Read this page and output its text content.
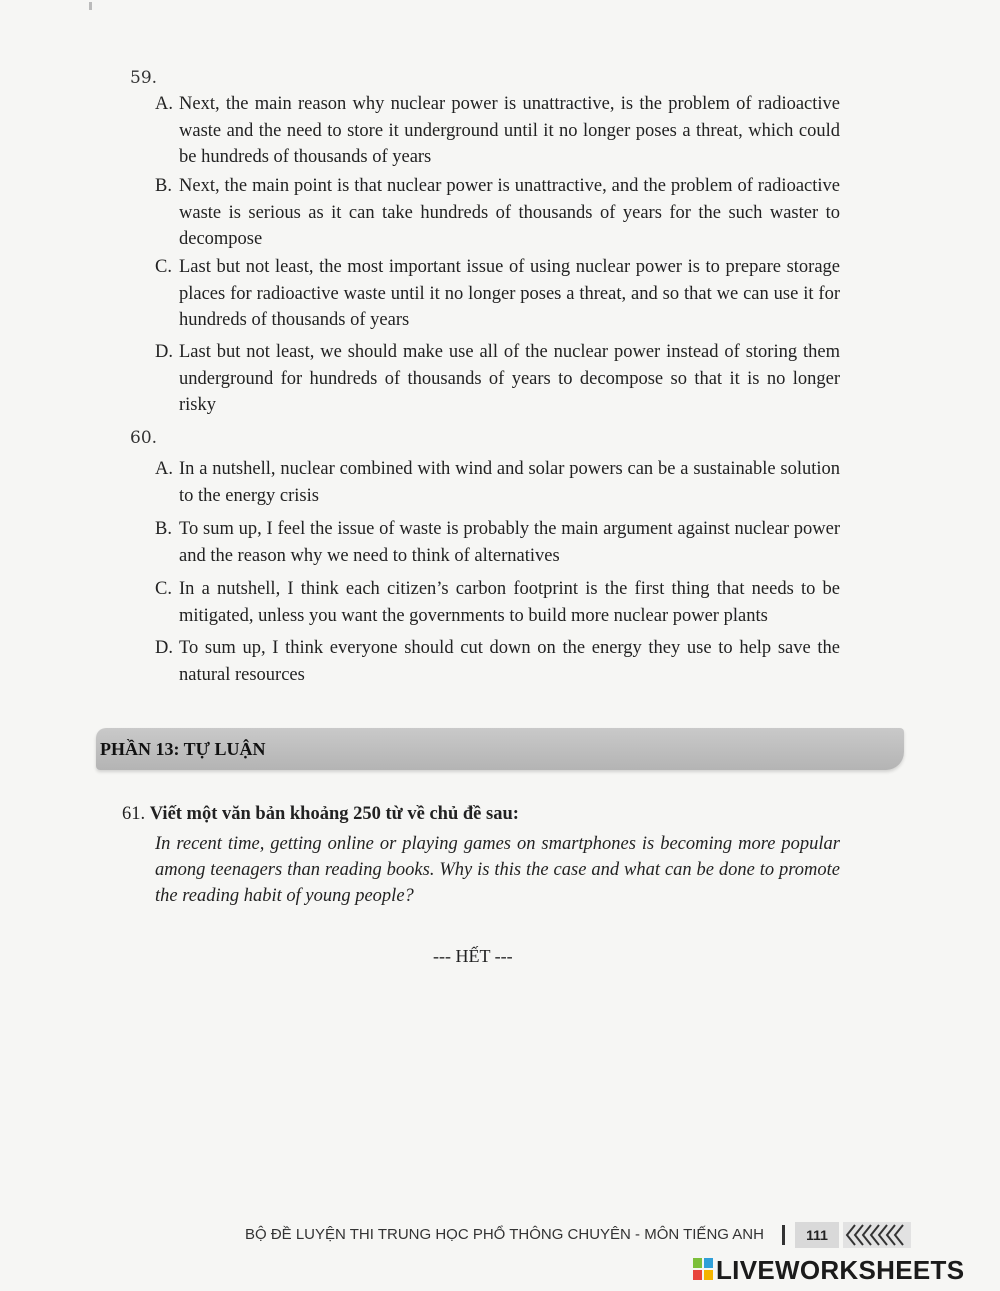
59.
A. Next, the main reason why nuclear power is unattractive, is the problem of radioactive waste and the need to store it underground until it no longer poses a threat, which could be hundreds of thousands of years
B. Next, the main point is that nuclear power is unattractive, and the problem of radioactive waste is serious as it can take hundreds of thousands of years for the such waster to decompose
C. Last but not least, the most important issue of using nuclear power is to prepare storage places for radioactive waste until it no longer poses a threat, and so that we can use it for hundreds of thousands of years
D. Last but not least, we should make use all of the nuclear power instead of storing them underground for hundreds of thousands of years to decompose so that it is no longer risky
60.
A. In a nutshell, nuclear combined with wind and solar powers can be a sustainable solution to the energy crisis
B. To sum up, I feel the issue of waste is probably the main argument against nuclear power and the reason why we need to think of alternatives
C. In a nutshell, I think each citizen’s carbon footprint is the first thing that needs to be mitigated, unless you want the governments to build more nuclear power plants
D. To sum up, I think everyone should cut down on the energy they use to help save the natural resources
PHẦN 13: TỰ LUẬN
61. Viết một văn bản khoảng 250 từ về chủ đề sau:
In recent time, getting online or playing games on smartphones is becoming more popular among teenagers than reading books. Why is this the case and what can be done to promote the reading habit of young people?
--- HẾT ---
BỘ ĐỀ LUYỆN THI TRUNG HỌC PHỔ THÔNG CHUYÊN - MÔN TIẾNG ANH	111
LIVEWORKSHEETS
